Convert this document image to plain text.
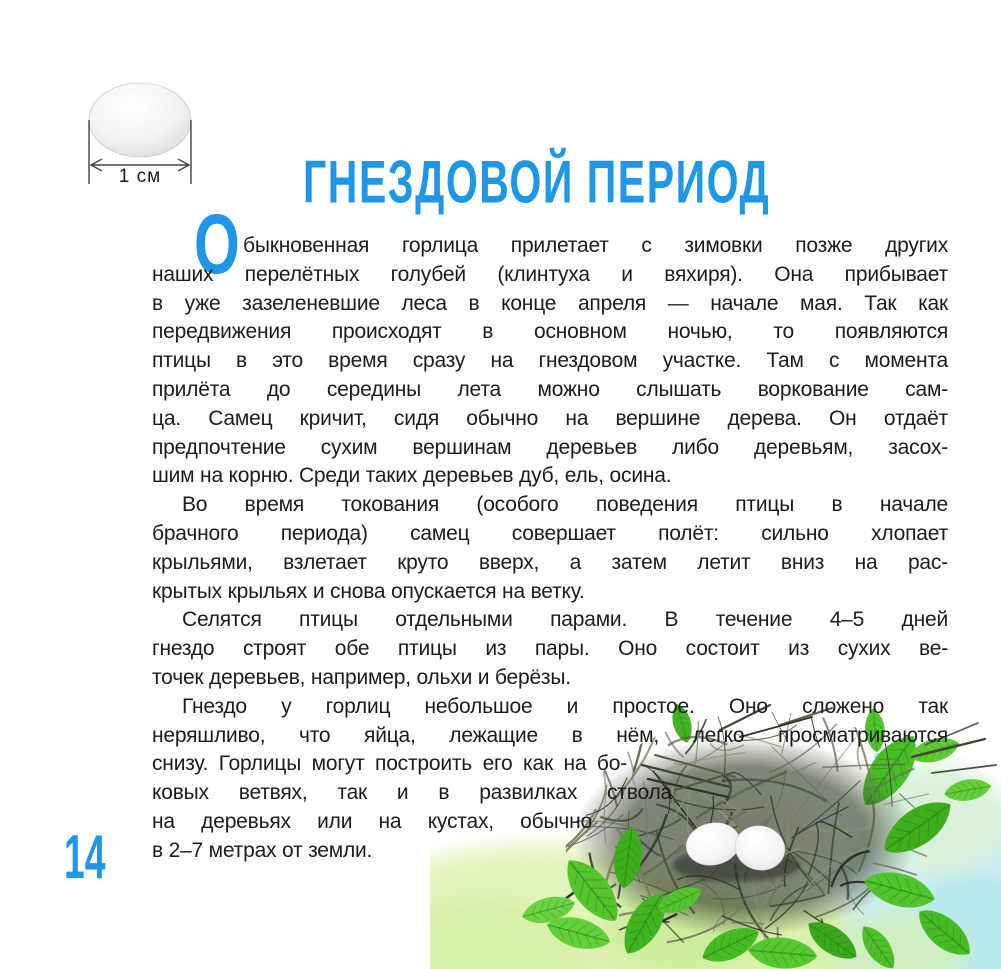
1 см	ГНЕЗДОВОЙ ПЕРИОД
О быкновенная горлица прилетает с зимовки позже других
наших перелётных голубей (клинтуха и вяхиря). Она прибывает
в уже зазеленевшие леса в конце апреля — начале мая. Так как
передвижения происходят в основном ночью, то появляются
птицы в это время сразу на гнездовом участке. Там с момента
прилёта до середины лета можно слышать воркование сам-
ца. Самец кричит, сидя обычно на вершине дерева. Он отдаёт
предпочтение сухим вершинам деревьев либо деревьям, засох-
шим на корню. Среди таких деревьев дуб, ель, осина.
Во время токования (особого поведения птицы в начале
брачного периода) самец совершает полёт: сильно хлопает
крыльями, взлетает круто вверх, а затем летит вниз на рас-
крытых крыльях и снова опускается на ветку.
Селятся птицы отдельными парами. В течение 4–5 дней
гнездо строят обе птицы из пары. Оно состоит из сухих ве-
точек деревьев, например, ольхи и берёзы.
Гнездо у горлиц небольшое и простое. Оно сложено так
неряшливо, что яйца, лежащие в нём, легко просматриваются
снизу. Горлицы могут построить его как на бо-
ковых ветвях, так и в развилках ствола
на деревьях или на кустах, обычно
в 2–7 метрах от земли.
14
